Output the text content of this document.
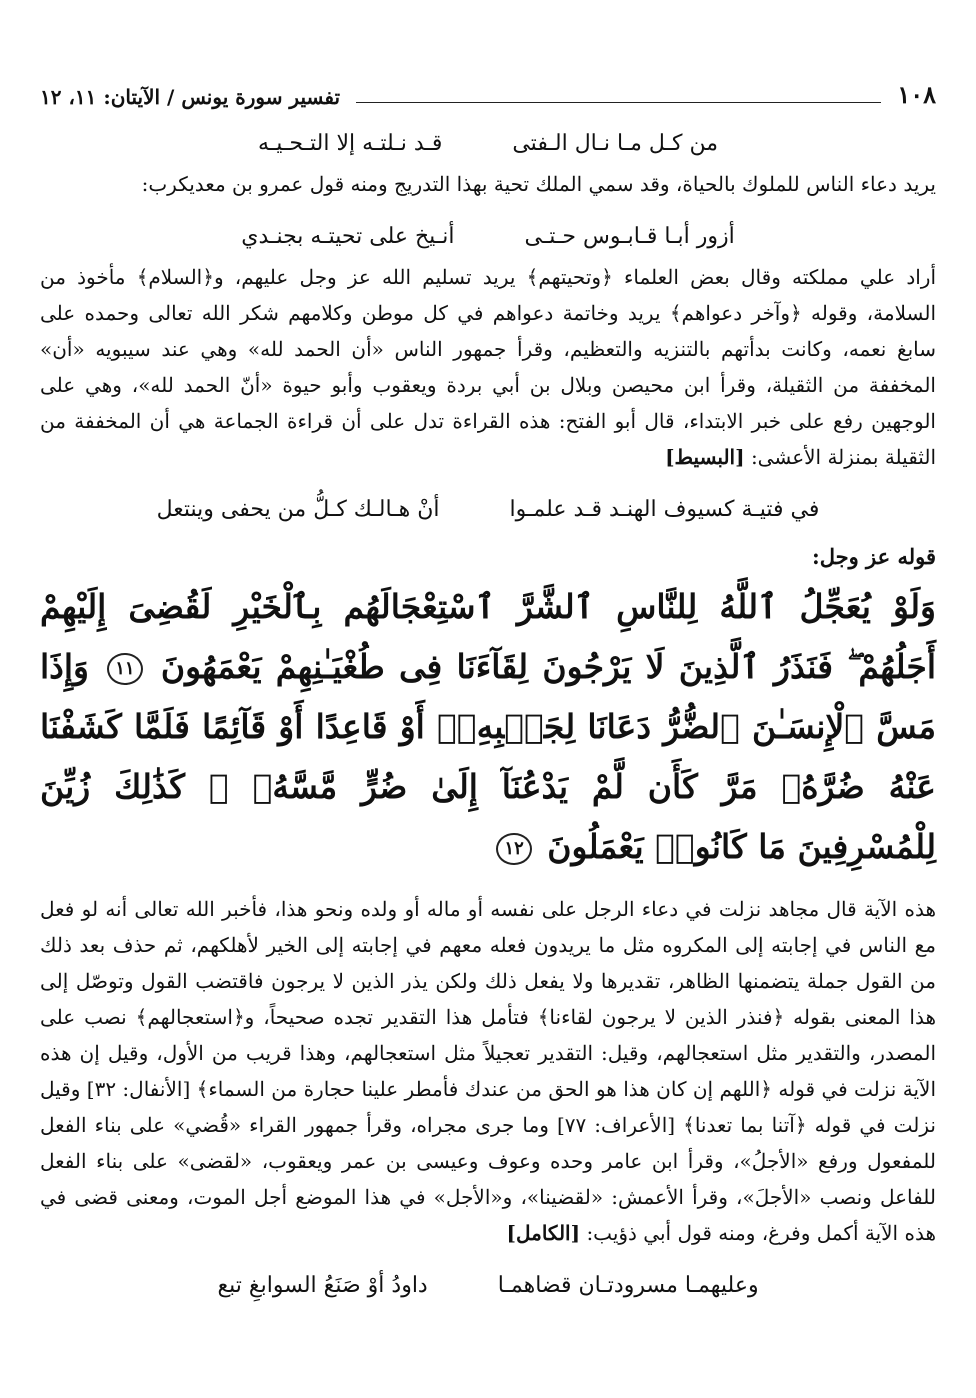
١٠٨
تفسير سورة يونس / الآيتان: ١١، ١٢
من كـل مـا نـال الـفتى
قـد نـلتـه إلا التـحـيـه

يريد دعاء الناس للملوك بالحياة، وقد سمي الملك تحية بهذا التدريج ومنه قول عمرو بن معديكرب:

أزور أبـا قـابـوس حـتـى
أنـيخ على تحيتـه بجنـدي

أراد علي مملكته وقال بعض العلماء ﴿وتحيتهم﴾ يريد تسليم الله عز وجل عليهم، و﴿السلام﴾ مأخوذ من السلامة، وقوله ﴿وآخر دعواهم﴾ يريد وخاتمة دعواهم في كل موطن وكلامهم شكر الله تعالى وحمده على سابغ نعمه، وكانت بدأتهم بالتنزيه والتعظيم، وقرأ جمهور الناس «أن الحمد لله» وهي عند سيبويه «أن» المخففة من الثقيلة، وقرأ ابن محيصن وبلال بن أبي بردة ويعقوب وأبو حيوة «أنّ الحمد لله»، وهي على الوجهين رفع على خبر الابتداء، قال أبو الفتح: هذه القراءة تدل على أن قراءة الجماعة هي أن المخففة من الثقيلة بمنزلة الأعشى: [البسيط]

في فتيـة كسيوف الهنـد قـد علمـوا
أنْ هـالـك كـلُّ من يحفى وينتعل
قوله عز وجل:
وَلَوْ يُعَجِّلُ ٱللَّهُ لِلنَّاسِ ٱلشَّرَّ ٱسْتِعْجَالَهُم بِٱلْخَيْرِ لَقُضِىَ إِلَيْهِمْ أَجَلُهُمْ ۖ فَنَذَرُ ٱلَّذِينَ لَا يَرْجُونَ لِقَآءَنَا فِى طُغْيَـٰنِهِمْ يَعْمَهُونَ ١١ وَإِذَا مَسَّ ٱلْإِنسَـٰنَ ٱلضُّرُّ دَعَانَا لِجَنۢبِهِۦٓ أَوْ قَاعِدًا أَوْ قَآئِمًا فَلَمَّا كَشَفْنَا عَنْهُ ضُرَّهُۥ مَرَّ كَأَن لَّمْ يَدْعُنَآ إِلَىٰ ضُرٍّ مَّسَّهُۥ ۚ كَذَٰلِكَ زُيِّنَ لِلْمُسْرِفِينَ مَا كَانُوا۟ يَعْمَلُونَ ١٢

هذه الآية قال مجاهد نزلت في دعاء الرجل على نفسه أو ماله أو ولده ونحو هذا، فأخبر الله تعالى أنه لو فعل مع الناس في إجابته إلى المكروه مثل ما يريدون فعله معهم في إجابته إلى الخير لأهلكهم، ثم حذف بعد ذلك من القول جملة يتضمنها الظاهر، تقديرها ولا يفعل ذلك ولكن يذر الذين لا يرجون فاقتضب القول وتوصّل إلى هذا المعنى بقوله ﴿فنذر الذين لا يرجون لقاءنا﴾ فتأمل هذا التقدير تجده صحيحاً، و﴿استعجالهم﴾ نصب على المصدر، والتقدير مثل استعجالهم، وقيل: التقدير تعجيلاً مثل استعجالهم، وهذا قريب من الأول، وقيل إن هذه الآية نزلت في قوله ﴿اللهم إن كان هذا هو الحق من عندك فأمطر علينا حجارة من السماء﴾ [الأنفال: ٣٢] وقيل نزلت في قوله ﴿آتنا بما تعدنا﴾ [الأعراف: ٧٧] وما جرى مجراه، وقرأ جمهور القراء «قُضي» على بناء الفعل للمفعول ورفع «الأجلُ»، وقرأ ابن عامر وحده وعوف وعيسى بن عمر ويعقوب، «لقضى» على بناء الفعل للفاعل ونصب «الأجلَ»، وقرأ الأعمش: «لقضينا»، و«الأجل» في هذا الموضع أجل الموت، ومعنى قضى في هذه الآية أكمل وفرغ، ومنه قول أبي ذؤيب: [الكامل]

وعليهمـا مسرودتـان قضاهمـا
داودُ أوْ صَنَعُ السوابغِ تبع
